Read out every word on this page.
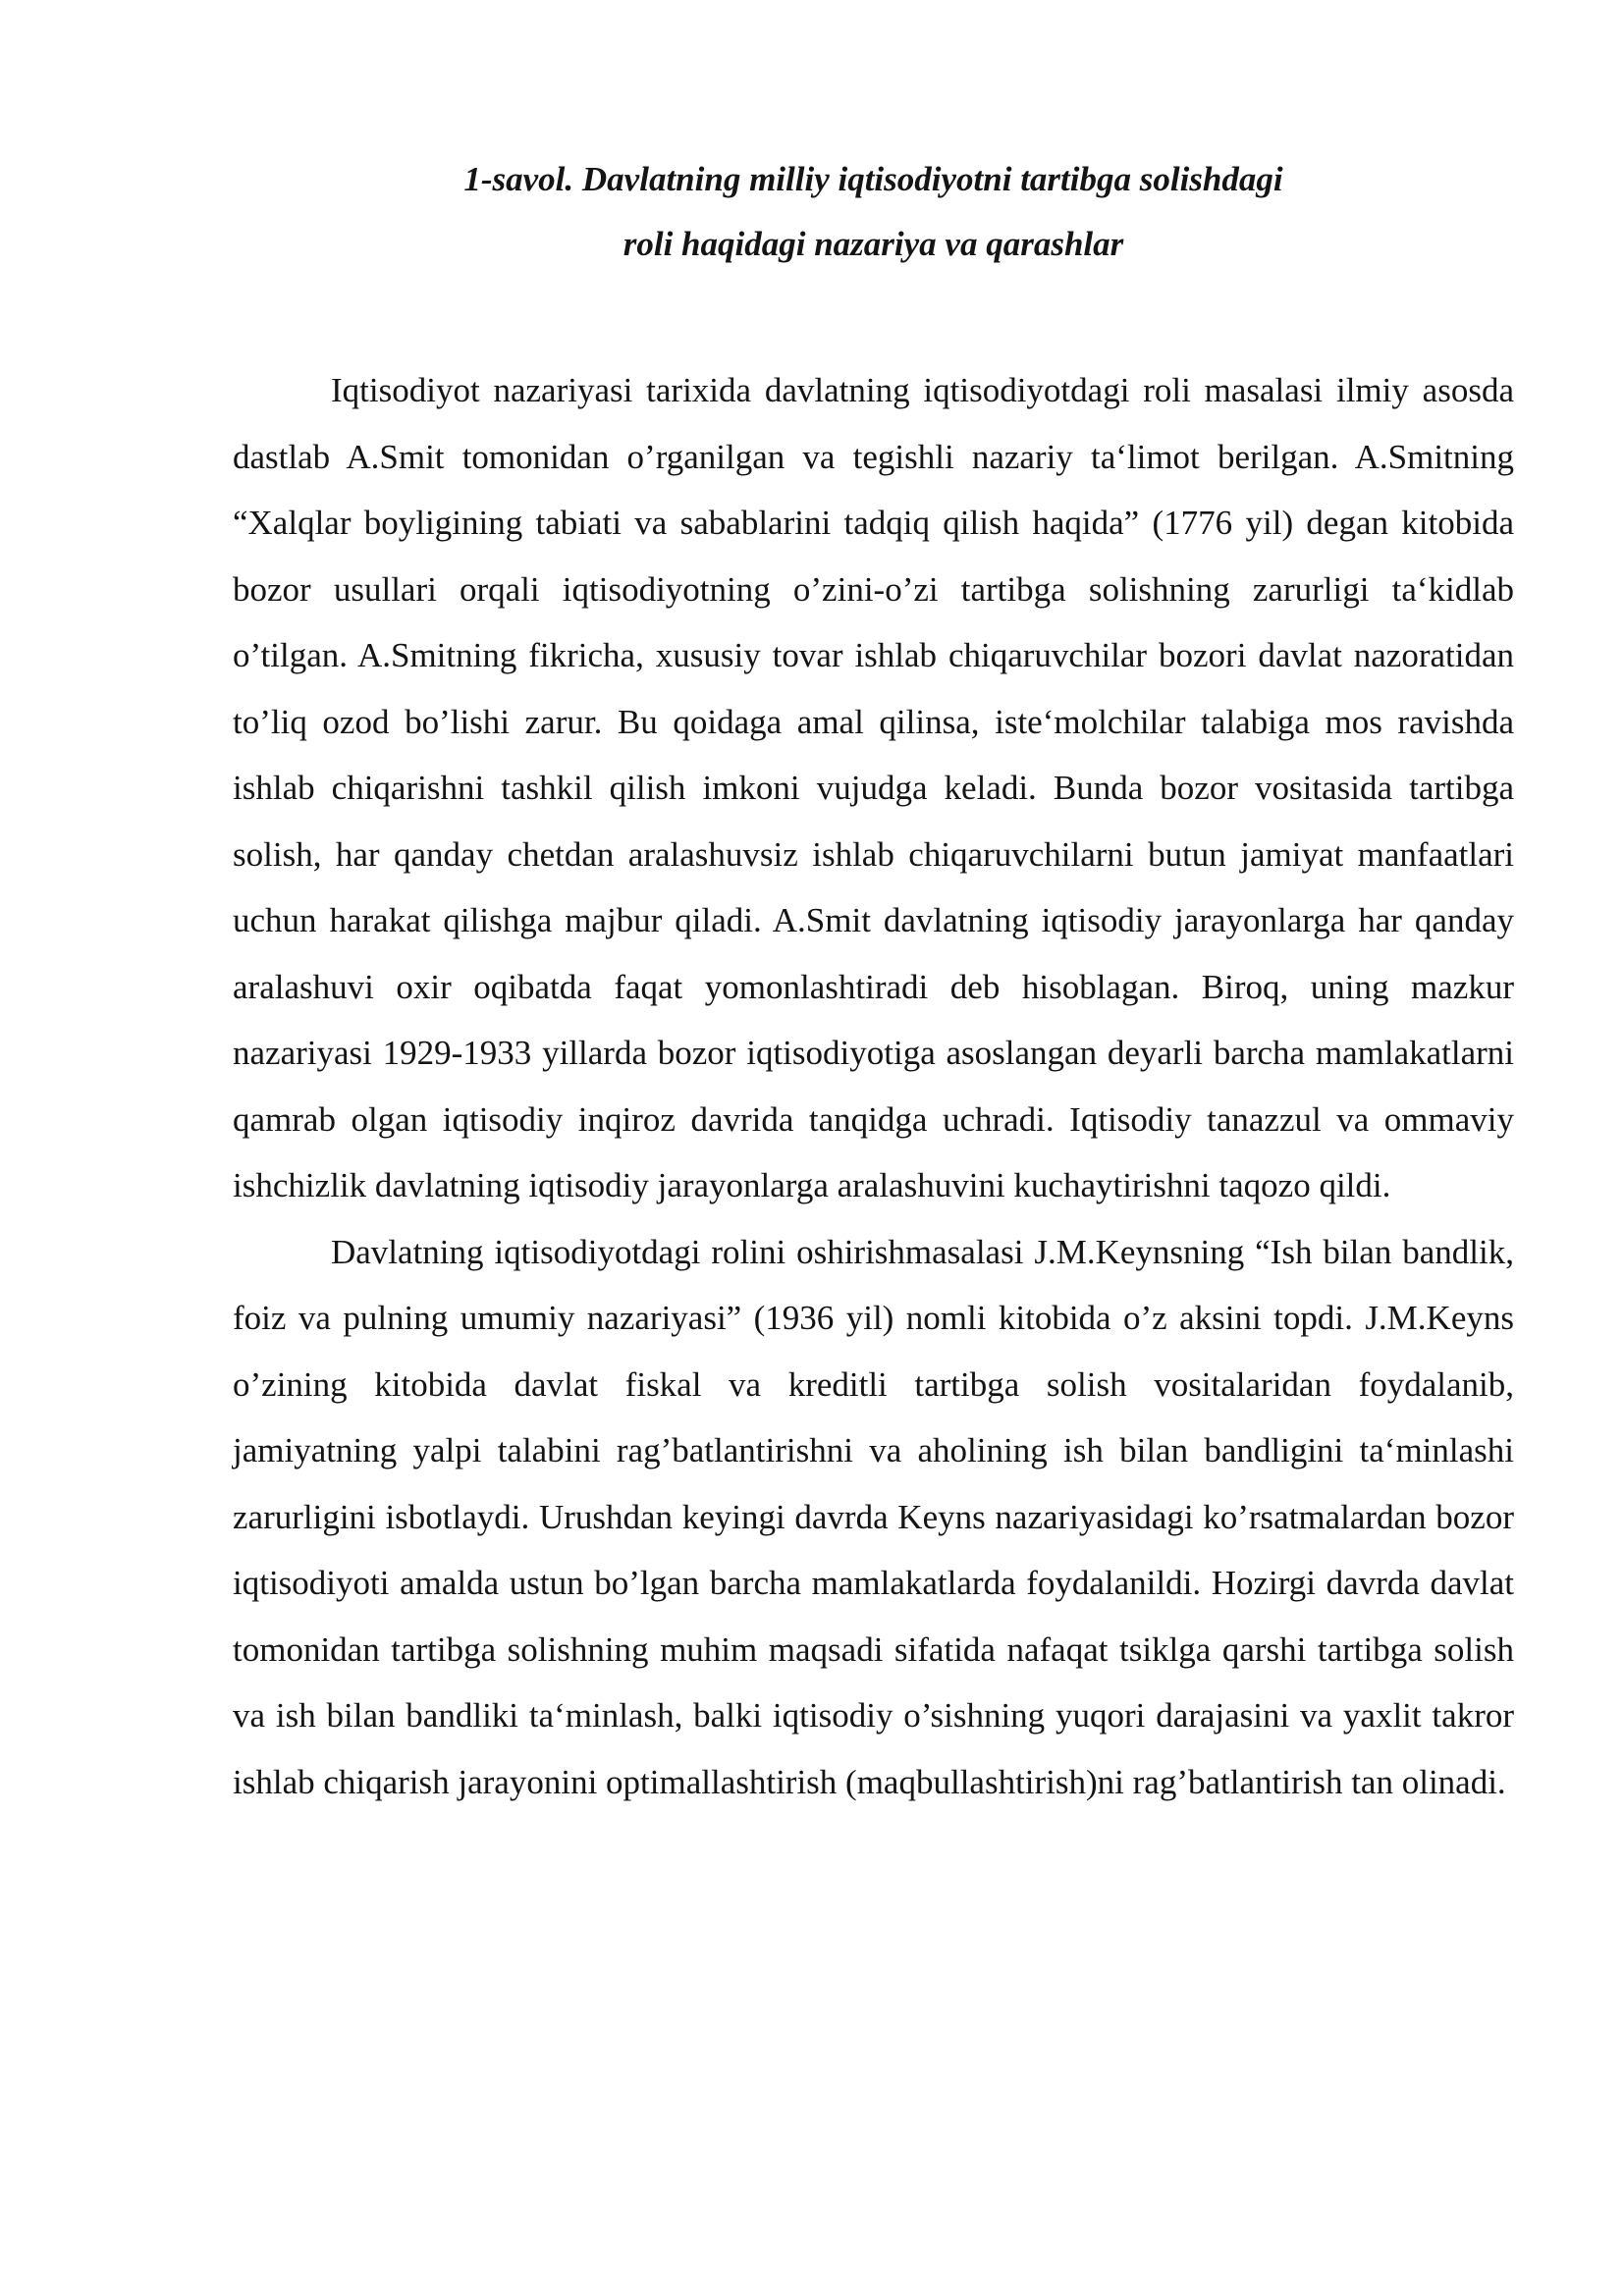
1-savol. Davlatning milliy iqtisodiyotni tartibga solishdagi
roli haqidagi nazariya va qarashlar

Iqtisodiyot nazariyasi tarixida davlatning iqtisodiyotdagi roli masalasi ilmiy asosda dastlab A.Smit tomonidan o’rganilgan va tegishli nazariy ta‘limot berilgan. A.Smitning “Xalqlar boyligining tabiati va sabablarini tadqiq qilish haqida” (1776 yil) degan kitobida bozor usullari orqali iqtisodiyotning o’zini-o’zi tartibga solishning zarurligi ta‘kidlab o’tilgan. A.Smitning fikricha, xususiy tovar ishlab chiqaruvchilar bozori davlat nazoratidan to’liq ozod bo’lishi zarur. Bu qoidaga amal qilinsa, iste‘molchilar talabiga mos ravishda ishlab chiqarishni tashkil qilish imkoni vujudga keladi. Bunda bozor vositasida tartibga solish, har qanday chetdan aralashuvsiz ishlab chiqaruvchilarni butun jamiyat manfaatlari uchun harakat qilishga majbur qiladi. A.Smit davlatning iqtisodiy jarayonlarga har qanday aralashuvi oxir oqibatda faqat yomonlashtiradi deb hisoblagan. Biroq, uning mazkur nazariyasi 1929-1933 yillarda bozor iqtisodiyotiga asoslangan deyarli barcha mamlakatlarni qamrab olgan iqtisodiy inqiroz davrida tanqidga uchradi. Iqtisodiy tanazzul va ommaviy ishchizlik davlatning iqtisodiy jarayonlarga aralashuvini kuchaytirishni taqozo qildi.

Davlatning iqtisodiyotdagi rolini oshirishmasalasi J.M.Keynsning “Ish bilan bandlik, foiz va pulning umumiy nazariyasi” (1936 yil) nomli kitobida o’z aksini topdi. J.M.Keyns o’zining kitobida davlat fiskal va kreditli tartibga solish vositalaridan foydalanib, jamiyatning yalpi talabini rag’batlantirishni va aholining ish bilan bandligini ta‘minlashi zarurligini isbotlaydi. Urushdan keyingi davrda Keyns nazariyasidagi ko’rsatmalardan bozor iqtisodiyoti amalda ustun bo’lgan barcha mamlakatlarda foydalanildi. Hozirgi davrda davlat tomonidan tartibga solishning muhim maqsadi sifatida nafaqat tsiklga qarshi tartibga solish va ish bilan bandliki ta‘minlash, balki iqtisodiy o’sishning yuqori darajasini va yaxlit takror ishlab chiqarish jarayonini optimallashtirish (maqbullashtirish)ni rag’batlantirish tan olinadi.
